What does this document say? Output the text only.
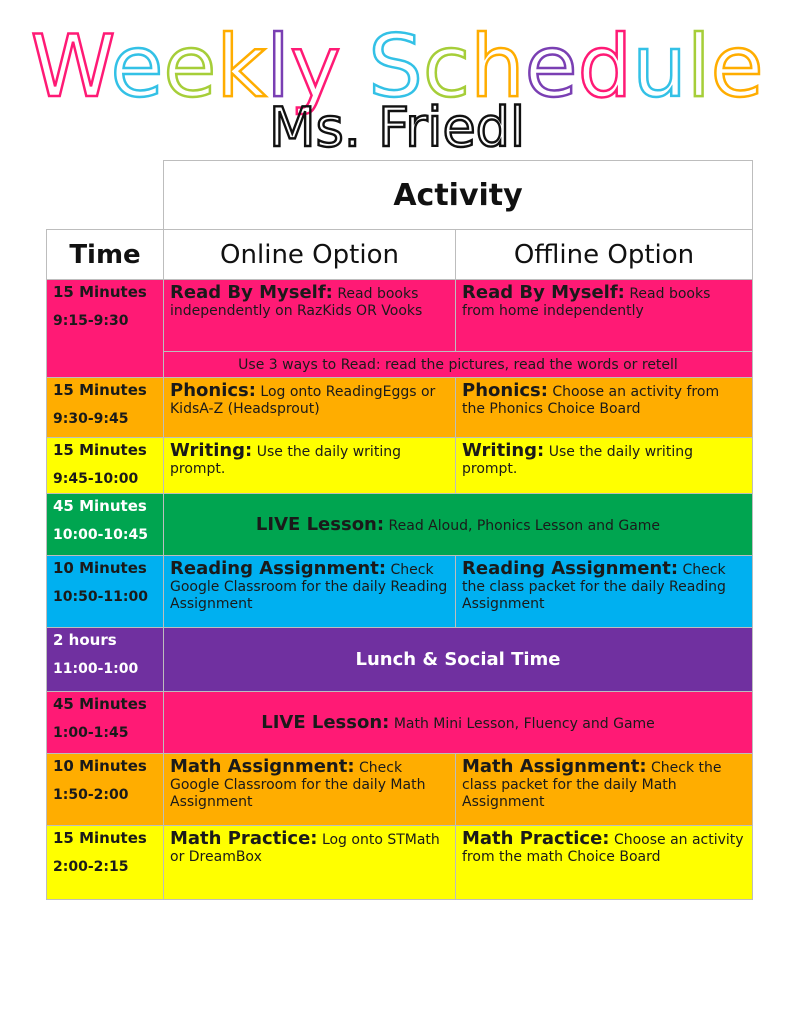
Weekly Schedule
Ms. Friedl
	Activity	
Time	Online Option	Offline Option

15 Minutes
9:15-9:30	Read By Myself: Read books independently on RazKids OR Vooks	Read By Myself: Read books from home independently
	Use 3 ways to Read: read the pictures, read the words or retell	

15 Minutes
9:30-9:45	Phonics: Log onto ReadingEggs or KidsA-Z (Headsprout)	Phonics: Choose an activity from the Phonics Choice Board

15 Minutes
9:45-10:00	Writing: Use the daily writing prompt.	Writing: Use the daily writing prompt.

45 Minutes
10:00-10:45	LIVE Lesson: Read Aloud, Phonics Lesson and Game	

10 Minutes
10:50-11:00	Reading Assignment: Check Google Classroom for the daily Reading Assignment	Reading Assignment: Check the class packet for the daily Reading Assignment

2 hours
11:00-1:00	Lunch & Social Time	

45 Minutes
1:00-1:45	LIVE Lesson: Math Mini Lesson, Fluency and Game	

10 Minutes
1:50-2:00	Math Assignment: Check Google Classroom for the daily Math Assignment	Math Assignment: Check the class packet for the daily Math Assignment

15 Minutes
2:00-2:15	Math Practice: Log onto STMath or DreamBox	Math Practice: Choose an activity from the math Choice Board
